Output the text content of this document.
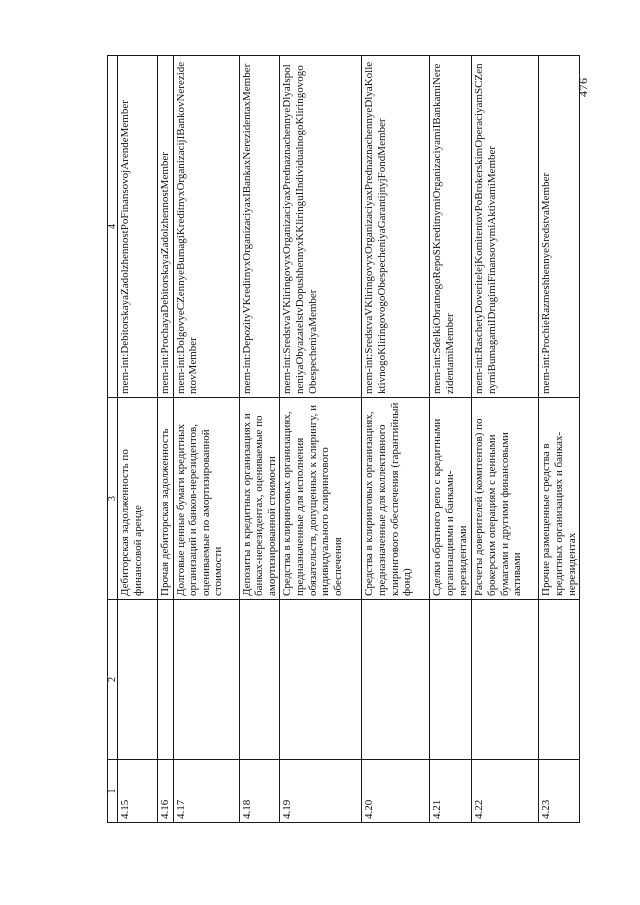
476
1	2	3	4
4.15		Дебиторская задолженность по финансовой аренде	mem-int:DebitorskayaZadolzhennostPoFinansovojArendeMember
4.16		Прочая дебиторская задолженность	mem-int:ProchayaDebitorskayaZadolzhennostMember
4.17		Долговые ценные бумаги кредитных организаций и банков-нерезидентов, оцениваемые по амортизированной стоимости	mem-int:DolgovyeCZennyeBumagiKreditnyxOrganizacijIBankovNerezidentovMember
4.18		Депозиты в кредитных организациях и банках-нерезидентах, оцениваемые по амортизированной стоимости	mem-int:DepozityVKreditnyxOrganizaciyaxIBankaxNerezidentaxMember
4.19		Средства в клиринговых организациях, предназначенные для исполнения обязательств, допущенных к клирингу, и индивидуального клирингового обеспечения	mem-int:SredstvaVKliringovyxOrganizaciyaxPrednaznachennyeDlyaIspolneniyaObyazatelstvDopushhennyxKKliringuIIndividualnogoKliringovogoObespecheniyaMember
4.20		Средства в клиринговых организациях, предназначенные для коллективного клирингового обеспечения (гарантийный фонд)	mem-int:SredstvaVKliringovyxOrganizaciyaxPrednaznachennyeDlyaKollektivnogoKliringovogoObespecheniyaGarantijnyjFondMember
4.21		Сделки обратного репо с кредитными организациями и банками-нерезидентами	mem-int:SdelkiObratnogoRepoSKreditnymiOrganizaciyamiIBankamiNerezidentamiMember
4.22		Расчеты доверителей (комитентов) по брокерским операциям с ценными бумагами и другими финансовыми активами	mem-int:RaschetyDoveritelejKomitentovPoBrokerskimOperaciyamSCZennymiBumagamiIDrugimiFinansovymiAktivamiMember
4.23		Прочие размещенные средства в кредитных организациях и банках-нерезидентах	mem-int:ProchieRazmeshhennyeSredstvaMember
